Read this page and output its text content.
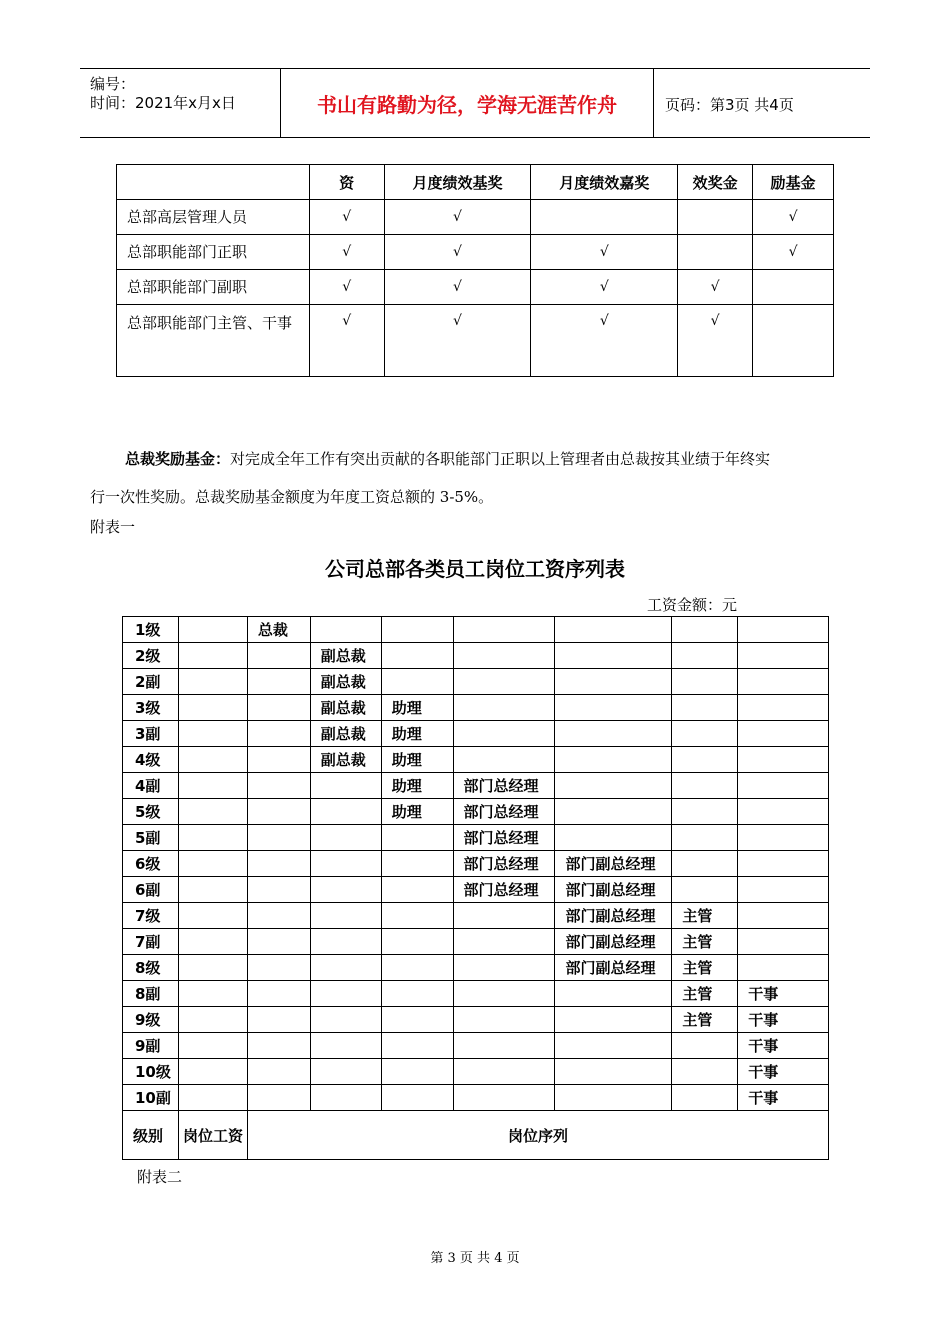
编号：
时间：2021年x月x日	书山有路勤为径，学海无涯苦作舟	页码：第3页 共4页
	资	月度绩效基奖	月度绩效嘉奖	效奖金	励基金
总部高层管理人员	√	√			√
总部职能部门正职	√	√	√		√
总部职能部门副职	√	√	√	√	
总部职能部门主管、干事	√	√	√	√	
总裁奖励基金：对完成全年工作有突出贡献的各职能部门正职以上管理者由总裁按其业绩于年终实
行一次性奖励。总裁奖励基金额度为年度工资总额的 3-5%。
附表一
公司总部各类员工岗位工资序列表
工资金额：元
1级		总裁						
2级			副总裁					
2副			副总裁					
3级			副总裁	助理				
3副			副总裁	助理				
4级			副总裁	助理				
4副				助理	部门总经理			
5级				助理	部门总经理			
5副					部门总经理			
6级					部门总经理	部门副总经理		
6副					部门总经理	部门副总经理		
7级						部门副总经理	主管	
7副						部门副总经理	主管	
8级						部门副总经理	主管	
8副							主管	干事
9级							主管	干事
9副								干事
10级								干事
10副								干事
级别	岗位工资	岗位序列						
附表二
第 3 页 共 4 页
